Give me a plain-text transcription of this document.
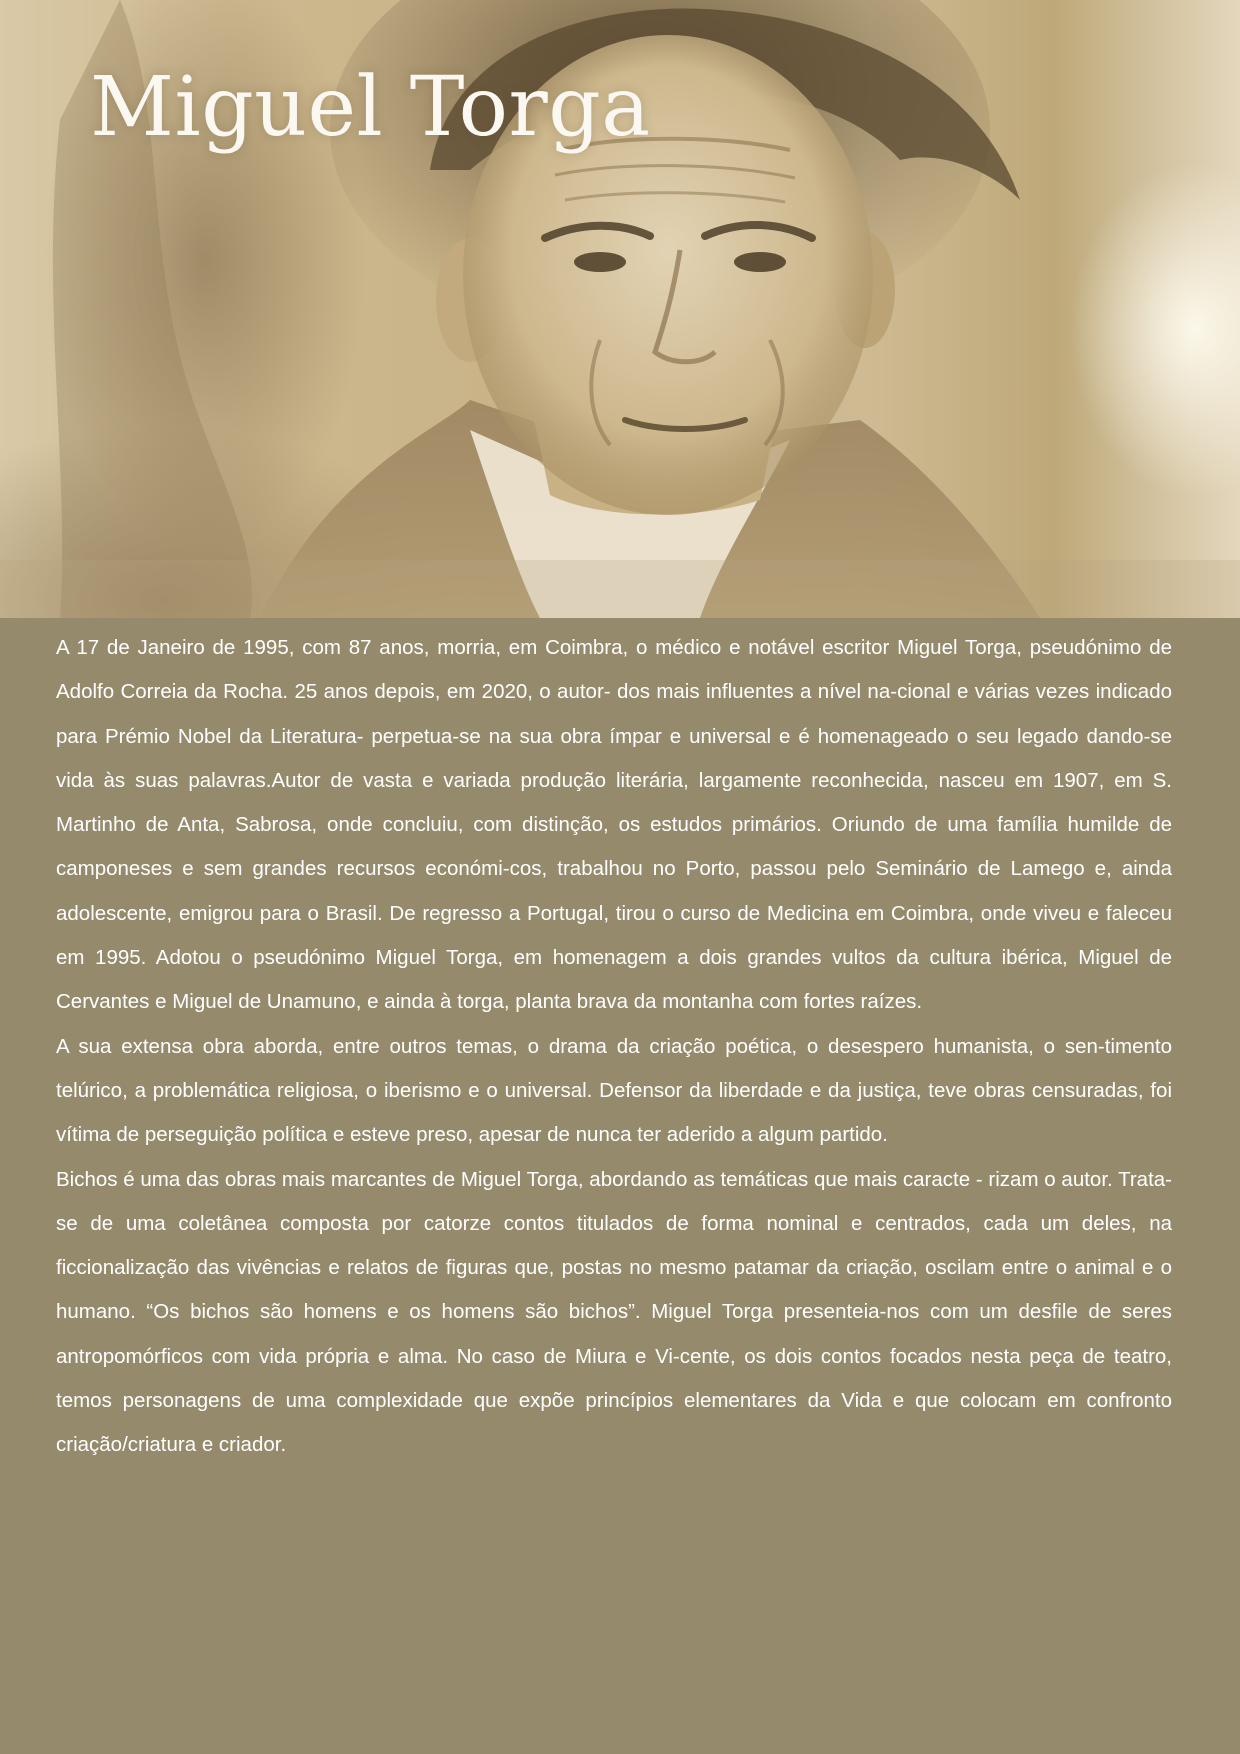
Miguel Torga

A 17 de Janeiro de 1995, com 87 anos, morria, em Coimbra, o médico e notável escritor Miguel Torga, pseudónimo de Adolfo Correia da Rocha. 25 anos depois, em 2020, o autor- dos mais influentes a nível na-cional e várias vezes indicado para Prémio Nobel da Literatura- perpetua-se na sua obra ímpar e universal e é homenageado o seu legado dando-se vida às suas palavras.Autor de vasta e variada produção literária, largamente reconhecida, nasceu em 1907, em S. Martinho de Anta, Sabrosa, onde concluiu, com distinção, os estudos primários. Oriundo de uma família humilde de camponeses e sem grandes recursos económi-cos, trabalhou no Porto, passou pelo Seminário de Lamego e, ainda adolescente, emigrou para o Brasil. De regresso a Portugal, tirou o curso de Medicina em Coimbra, onde viveu e faleceu em 1995. Adotou o pseudónimo Miguel Torga, em homenagem a dois grandes vultos da cultura ibérica, Miguel de Cervantes e Miguel de Unamuno, e ainda à torga, planta brava da montanha com fortes raízes.

A sua extensa obra aborda, entre outros temas, o drama da criação poética, o desespero humanista, o sen-timento telúrico, a problemática religiosa, o iberismo e o universal. Defensor da liberdade e da justiça, teve obras censuradas, foi vítima de perseguição política e esteve preso, apesar de nunca ter aderido a algum partido.

Bichos é uma das obras mais marcantes de Miguel Torga, abordando as temáticas que mais caracte - rizam o autor. Trata-se de uma coletânea composta por catorze contos titulados de forma nominal e centrados, cada um deles, na ficcionalização das vivências e relatos de figuras que, postas no mesmo patamar da criação, oscilam entre o animal e o humano. “Os bichos são homens e os homens são bichos”. Miguel Torga presenteia-nos com um desfile de seres antropomórficos com vida própria e alma. No caso de Miura e Vi-cente, os dois contos focados nesta peça de teatro, temos personagens de uma complexidade que expõe princípios elementares da Vida e que colocam em confronto criação/criatura e criador.
